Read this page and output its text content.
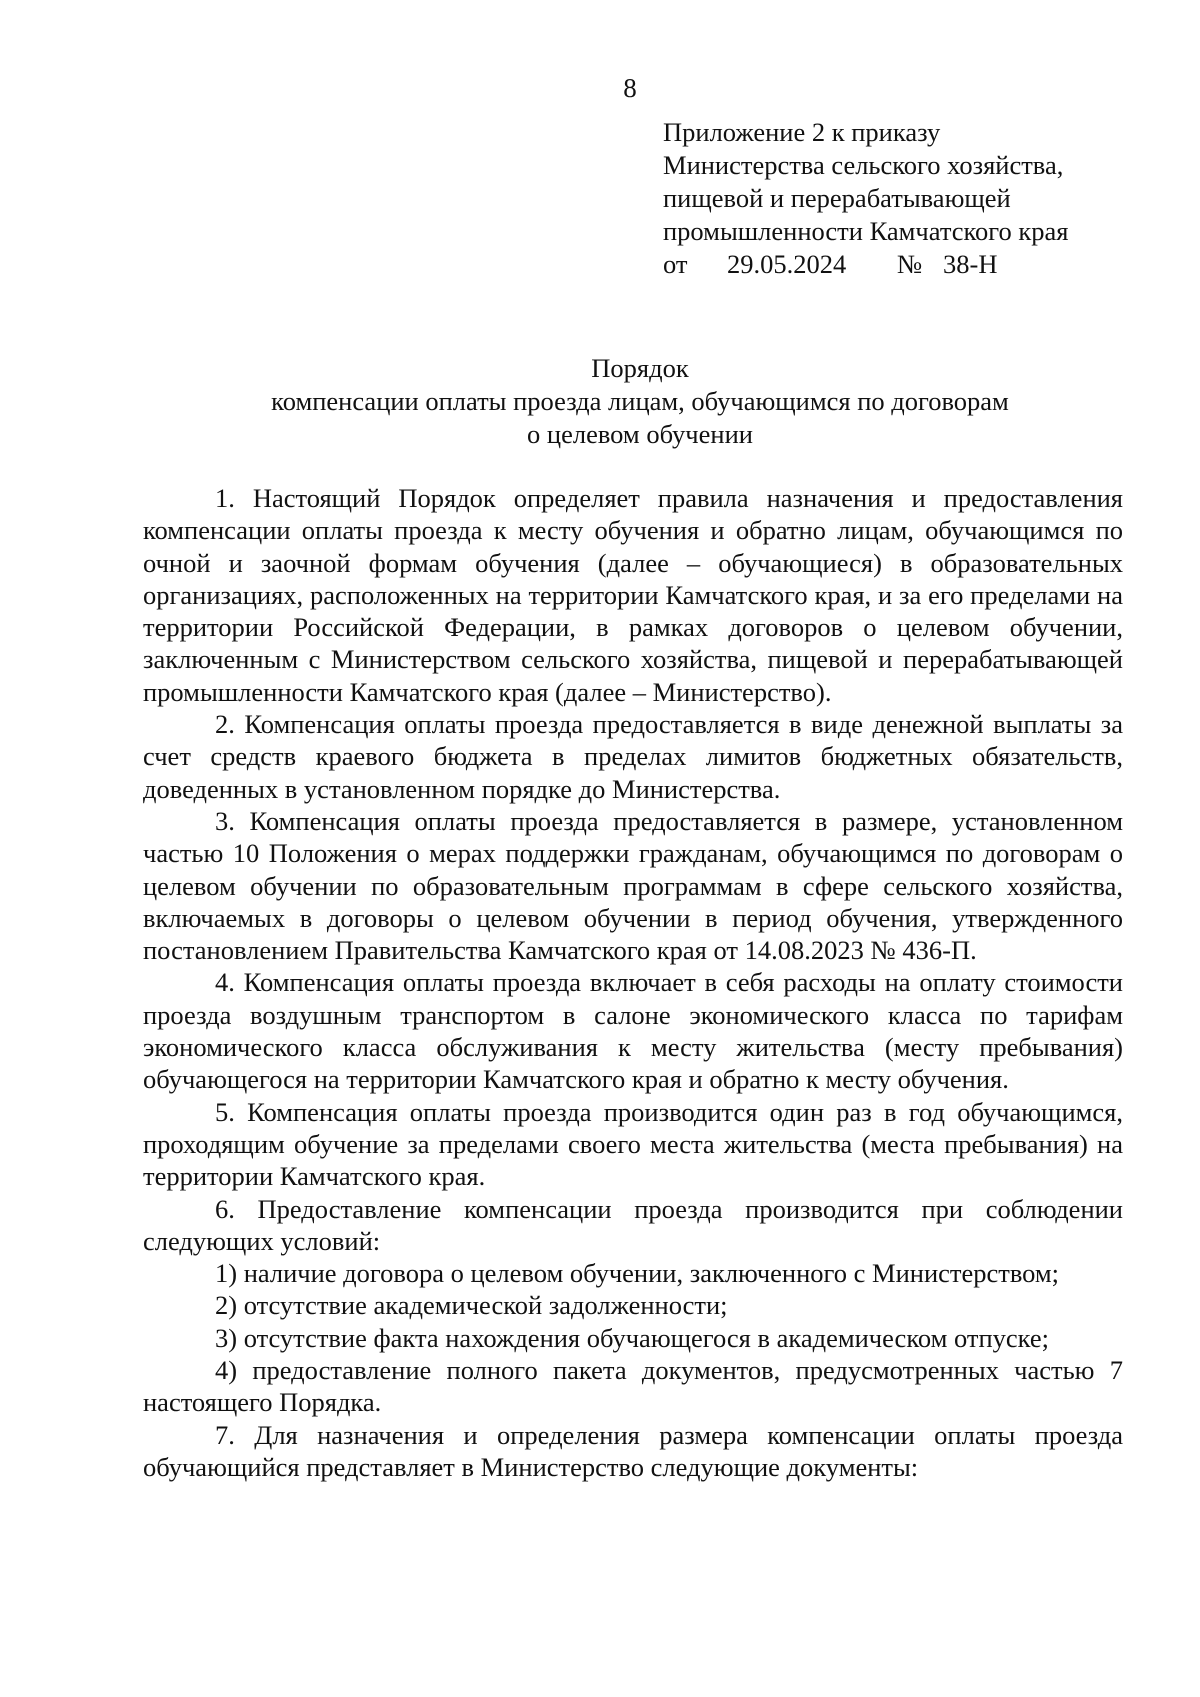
8
Приложение 2 к приказу
Министерства сельского хозяйства,
пищевой и перерабатывающей
промышленности Камчатского края
от 29.05.2024 № 38-Н
Порядок
компенсации оплаты проезда лицам, обучающимся по договорам
о целевом обучении

1. Настоящий Порядок определяет правила назначения и предоставления компенсации оплаты проезда к месту обучения и обратно лицам, обучающимся по очной и заочной формам обучения (далее – обучающиеся) в образовательных организациях, расположенных на территории Камчатского края, и за его пределами на территории Российской Федерации, в рамках договоров о целевом обучении, заключенным с Министерством сельского хозяйства, пищевой и перерабатывающей промышленности Камчатского края (далее – Министерство).

2. Компенсация оплаты проезда предоставляется в виде денежной выплаты за счет средств краевого бюджета в пределах лимитов бюджетных обязательств, доведенных в установленном порядке до Министерства.

3. Компенсация оплаты проезда предоставляется в размере, установленном частью 10 Положения о мерах поддержки гражданам, обучающимся по договорам о целевом обучении по образовательным программам в сфере сельского хозяйства, включаемых в договоры о целевом обучении в период обучения, утвержденного постановлением Правительства Камчатского края от 14.08.2023 № 436-П.

4. Компенсация оплаты проезда включает в себя расходы на оплату стоимости проезда воздушным транспортом в салоне экономического класса по тарифам экономического класса обслуживания к месту жительства (месту пребывания) обучающегося на территории Камчатского края и обратно к месту обучения.

5. Компенсация оплаты проезда производится один раз в год обучающимся, проходящим обучение за пределами своего места жительства (места пребывания) на территории Камчатского края.

6. Предоставление компенсации проезда производится при соблюдении следующих условий:

1) наличие договора о целевом обучении, заключенного с Министерством;

2) отсутствие академической задолженности;

3) отсутствие факта нахождения обучающегося в академическом отпуске;

4) предоставление полного пакета документов, предусмотренных частью 7 настоящего Порядка.

7. Для назначения и определения размера компенсации оплаты проезда обучающийся представляет в Министерство следующие документы:
